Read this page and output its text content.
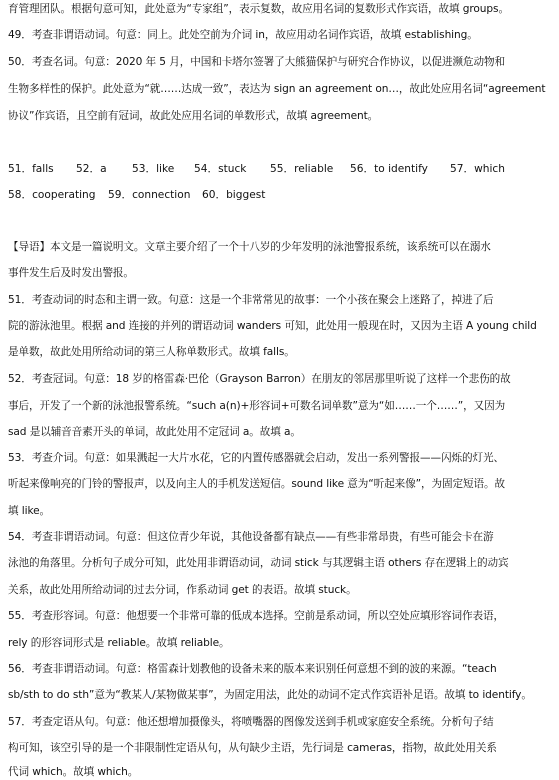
育管理团队。根据句意可知，此处意为“专家组”，表示复数，故应用名词的复数形式作宾语，故填 groups。
49．考查非谓语动词。句意：同上。此处空前为介词 in，故应用动名词作宾语，故填 establishing。
50．考查名词。句意：2020 年 5 月，中国和卡塔尔签署了大熊猫保护与研究合作协议，以促进濒危动物和
生物多样性的保护。此处意为“就……达成一致”，表达为 sign an agreement on…，故此处应用名词“agreement
协议”作宾语，且空前有冠词，故此处应用名词的单数形式，故填 agreement。
51．falls 52．a 53．like 54．stuck 55．reliable 56．to identify 57．which
58．cooperating 59．connection 60．biggest
【导语】本文是一篇说明文。文章主要介绍了一个十八岁的少年发明的泳池警报系统，该系统可以在溺水
事件发生后及时发出警报。
51．考查动词的时态和主谓一致。句意：这是一个非常常见的故事：一个小孩在聚会上迷路了，掉进了后
院的游泳池里。根据 and 连接的并列的谓语动词 wanders 可知，此处用一般现在时，又因为主语 A young child
是单数，故此处用所给动词的第三人称单数形式。故填 falls。
52．考查冠词。句意：18 岁的格雷森·巴伦（Grayson Barron）在朋友的邻居那里听说了这样一个悲伤的故
事后，开发了一个新的泳池报警系统。“such a(n)+形容词+可数名词单数”意为“如……一个……”，又因为
sad 是以辅音音素开头的单词，故此处用不定冠词 a。故填 a。
53．考查介词。句意：如果溅起一大片水花，它的内置传感器就会启动，发出一系列警报——闪烁的灯光、
听起来像响亮的门铃的警报声，以及向主人的手机发送短信。sound like 意为“听起来像”，为固定短语。故
填 like。
54．考查非谓语动词。句意：但这位青少年说，其他设备都有缺点——有些非常昂贵，有些可能会卡在游
泳池的角落里。分析句子成分可知，此处用非谓语动词，动词 stick 与其逻辑主语 others 存在逻辑上的动宾
关系，故此处用所给动词的过去分词，作系动词 get 的表语。故填 stuck。
55．考查形容词。句意：他想要一个非常可靠的低成本选择。空前是系动词，所以空处应填形容词作表语，
rely 的形容词形式是 reliable。故填 reliable。
56．考查非谓语动词。句意：格雷森计划教他的设备未来的版本来识别任何意想不到的波的来源。“teach
sb/sth to do sth”意为“教某人/某物做某事”，为固定用法，此处的动词不定式作宾语补足语。故填 to identify。
57．考查定语从句。句意：他还想增加摄像头，将喷嘴器的图像发送到手机或家庭安全系统。分析句子结
构可知，该空引导的是一个非限制性定语从句，从句缺少主语，先行词是 cameras，指物，故此处用关系
代词 which。故填 which。
